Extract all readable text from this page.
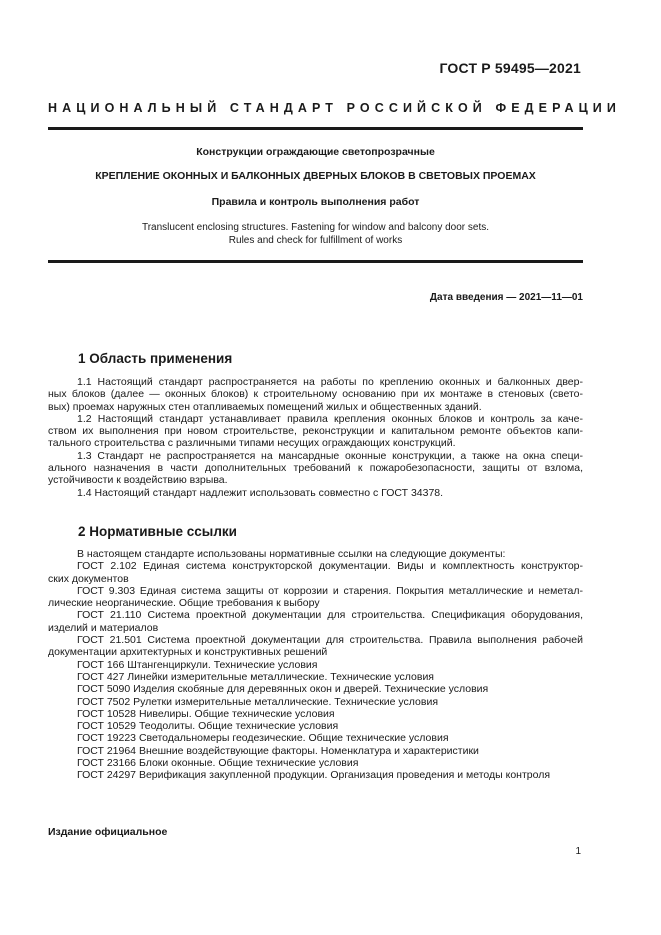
ГОСТ Р 59495—2021
НАЦИОНАЛЬНЫЙ СТАНДАРТ РОССИЙСКОЙ ФЕДЕРАЦИИ
Конструкции ограждающие светопрозрачные
КРЕПЛЕНИЕ ОКОННЫХ И БАЛКОННЫХ ДВЕРНЫХ БЛОКОВ В СВЕТОВЫХ ПРОЕМАХ
Правила и контроль выполнения работ
Translucent enclosing structures. Fastening for window and balcony door sets.
Rules and check for fulfillment of works
Дата введения — 2021—11—01
1 Область применения
1.1 Настоящий стандарт распространяется на работы по креплению оконных и балконных двер-
ных блоков (далее — оконных блоков) к строительному основанию при их монтаже в стеновых (свето-
вых) проемах наружных стен отапливаемых помещений жилых и общественных зданий.
1.2 Настоящий стандарт устанавливает правила крепления оконных блоков и контроль за каче-
ством их выполнения при новом строительстве, реконструкции и капитальном ремонте объектов капи-
тального строительства с различными типами несущих ограждающих конструкций.
1.3 Стандарт не распространяется на мансардные оконные конструкции, а также на окна специ-
ального назначения в части дополнительных требований к пожаробезопасности, защиты от взлома,
устойчивости к воздействию взрыва.
1.4 Настоящий стандарт надлежит использовать совместно с ГОСТ 34378.
2 Нормативные ссылки
В настоящем стандарте использованы нормативные ссылки на следующие документы:
ГОСТ 2.102 Единая система конструкторской документации. Виды и комплектность конструктор-
ских документов
ГОСТ 9.303 Единая система защиты от коррозии и старения. Покрытия металлические и неметал-
лические неорганические. Общие требования к выбору
ГОСТ 21.110 Система проектной документации для строительства. Спецификация оборудования,
изделий и материалов
ГОСТ 21.501 Система проектной документации для строительства. Правила выполнения рабочей
документации архитектурных и конструктивных решений
ГОСТ 166 Штангенциркули. Технические условия
ГОСТ 427 Линейки измерительные металлические. Технические условия
ГОСТ 5090 Изделия скобяные для деревянных окон и дверей. Технические условия
ГОСТ 7502 Рулетки измерительные металлические. Технические условия
ГОСТ 10528 Нивелиры. Общие технические условия
ГОСТ 10529 Теодолиты. Общие технические условия
ГОСТ 19223 Светодальномеры геодезические. Общие технические условия
ГОСТ 21964 Внешние воздействующие факторы. Номенклатура и характеристики
ГОСТ 23166 Блоки оконные. Общие технические условия
ГОСТ 24297 Верификация закупленной продукции. Организация проведения и методы контроля
Издание официальное
1
